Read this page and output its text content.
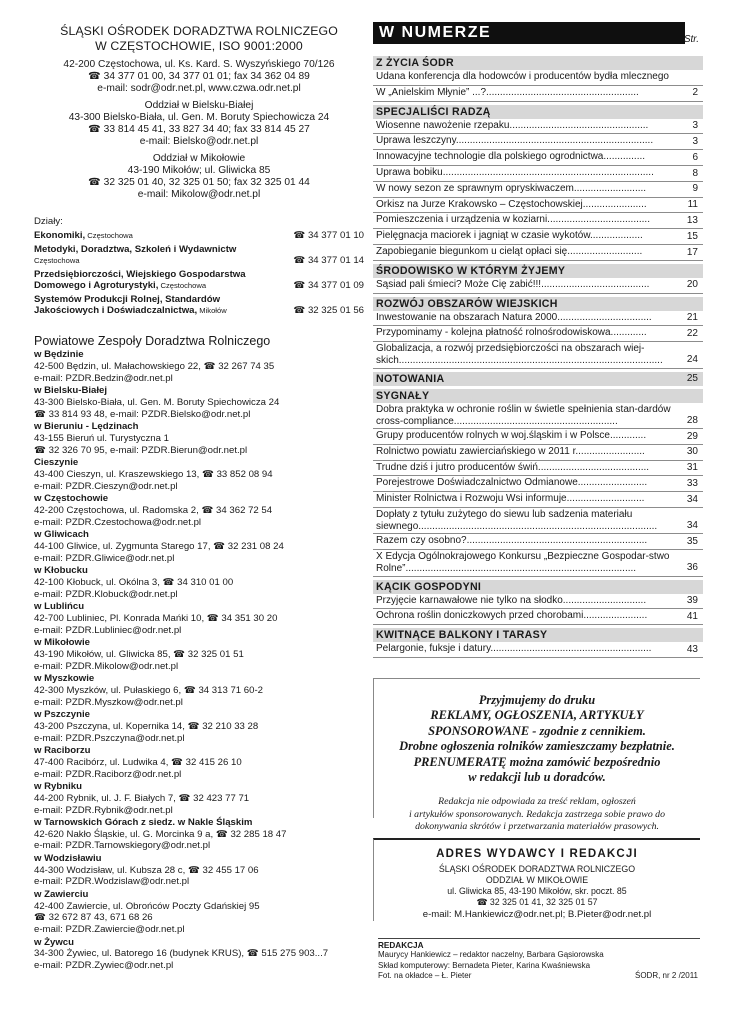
ŚLĄSKI OŚRODEK DORADZTWA ROLNICZEGO
W CZĘSTOCHOWIE, ISO 9001:2000
42-200 Częstochowa, ul. Ks. Kard. S. Wyszyńskiego 70/126
☎ 34 377 01 00, 34 377 01 01; fax 34 362 04 89
e-mail: sodr@odr.net.pl, www.czwa.odr.net.pl
Oddział w Bielsku-Białej
43-300 Bielsko-Biała, ul. Gen. M. Boruty Spiechowicza 24
☎ 33 814 45 41, 33 827 34 40; fax 33 814 45 27
e-mail: Bielsko@odr.net.pl
Oddział w Mikołowie
43-190 Mikołów; ul. Gliwicka 85
☎ 32 325 01 40, 32 325 01 50; fax 32 325 01 44
e-mail: Mikolow@odr.net.pl
Działy:
Ekonomiki, Częstochowa	☎ 34 377 01 10
Metodyki, Doradztwa, Szkoleń i Wydawnictw
Częstochowa	☎ 34 377 01 14
Przedsiębiorczości, Wiejskiego Gospodarstwa
Domowego i Agroturystyki, Częstochowa	☎ 34 377 01 09
Systemów Produkcji Rolnej, Standardów
Jakościowych i Doświadczalnictwa, Mikołów	☎ 32 325 01 56
Powiatowe Zespoły Doradztwa Rolniczego
w Będzinie
42-500 Będzin, ul. Małachowskiego 22, ☎ 32 267 74 35
e-mail: PZDR.Bedzin@odr.net.pl
w Bielsku-Białej
43-300 Bielsko-Biała, ul. Gen. M. Boruty Spiechowicza 24
☎ 33 814 93 48, e-mail: PZDR.Bielsko@odr.net.pl
w Bieruniu - Lędzinach
43-155 Bieruń ul. Turystyczna 1
☎ 32 326 70 95, e-mail: PZDR.Bierun@odr.net.pl
Cieszynie
43-400 Cieszyn, ul. Kraszewskiego 13, ☎ 33 852 08 94
e-mail: PZDR.Cieszyn@odr.net.pl
w Częstochowie
42-200 Częstochowa, ul. Radomska 2, ☎ 34 362 72 54
e-mail: PZDR.Czestochowa@odr.net.pl
w Gliwicach
44-100 Gliwice, ul. Zygmunta Starego 17, ☎ 32 231 08 24
e-mail: PZDR.Gliwice@odr.net.pl
w Kłobucku
42-100 Kłobuck, ul. Okólna 3, ☎ 34 310 01 00
e-mail: PZDR.Klobuck@odr.net.pl
w Lublińcu
42-700 Lubliniec, Pl. Konrada Mańki 10, ☎ 34 351 30 20
e-mail: PZDR.Lubliniec@odr.net.pl
w Mikołowie
43-190 Mikołów, ul. Gliwicka 85, ☎ 32 325 01 51
e-mail: PZDR.Mikolow@odr.net.pl
w Myszkowie
42-300 Myszków, ul. Pułaskiego 6, ☎ 34 313 71 60-2
e-mail: PZDR.Myszkow@odr.net.pl
w Pszczynie
43-200 Pszczyna, ul. Kopernika 14, ☎ 32 210 33 28
e-mail: PZDR.Pszczyna@odr.net.pl
w Raciborzu
47-400 Racibórz, ul. Ludwika 4, ☎ 32 415 26 10
e-mail: PZDR.Raciborz@odr.net.pl
w Rybniku
44-200 Rybnik, ul. J. F. Białych 7, ☎ 32 423 77 71
e-mail: PZDR.Rybnik@odr.net.pl
w Tarnowskich Górach z siedz. w Nakle Śląskim
42-620 Nakło Śląskie, ul. G. Morcinka 9 a, ☎ 32 285 18 47
e-mail: PZDR.Tarnowskiegory@odr.net.pl
w Wodzisławiu
44-300 Wodzisław, ul. Kubsza 28 c, ☎ 32 455 17 06
e-mail: PZDR.Wodzislaw@odr.net.pl
w Zawierciu
42-400 Zawiercie, ul. Obrońców Poczty Gdańskiej 95
☎ 32 672 87 43, 671 68 26
e-mail: PZDR.Zawiercie@odr.net.pl
w Żywcu
34-300 Żywiec, ul. Batorego 16 (budynek KRUS), ☎ 515 275 903...7
e-mail: PZDR.Zywiec@odr.net.pl
W NUMERZE	Str.
Z ŻYCIA ŚODR
Udana konferencja dla hodowców i producentów bydła mlecznego
W „Anielskim Młynie” ...?.......................................................	2
SPECJALIŚCI RADZĄ
Wiosenne nawożenie rzepaku..................................................	3
Uprawa leszczyny.......................................................................	3
Innowacyjne technologie dla polskiego ogrodnictwa...............	6
Uprawa bobiku............................................................................	8
W nowy sezon ze sprawnym opryskiwaczem..........................	9
Orkisz na Jurze Krakowsko – Częstochowskiej.......................	11
Pomieszczenia i urządzenia w koziarni.....................................	13
Pielęgnacja maciorek i jagniąt w czasie wykotów...................	15
Zapobieganie biegunkom u cieląt opłaci się...........................	17
ŚRODOWISKO W KTÓRYM ŻYJEMY
Sąsiad pali śmieci? Może Cię zabić!!!.......................................	20
ROZWÓJ OBSZARÓW WIEJSKICH
Inwestowanie na obszarach Natura 2000..................................	21
Przypominamy - kolejna płatność rolnośrodowiskowa.............	22
Globalizacja, a rozwój przedsiębiorczości na obszarach wiej-skich...............................................................................................	24
NOTOWANIA	25
SYGNAŁY
Dobra praktyka w ochronie roślin w świetle spełnienia stan-dardów cross-compliance...........................................................	28
Grupy producentów rolnych w woj.śląskim i w Polsce.............	29
Rolnictwo powiatu zawierciańskiego w 2011 r.........................	30
Trudne dziś i jutro producentów świń........................................	31
Porejestrowe Doświadczalnictwo Odmianowe.........................	33
Minister Rolnictwa i Rozwoju Wsi informuje............................	34
Dopłaty z tytułu zużytego do siewu lub sadzenia materiału siewnego......................................................................................	34
Razem czy osobno?.................................................................	35
X Edycja Ogólnokrajowego Konkursu „Bezpieczne Gospodar-stwo Rolne”...................................................................................	36
KĄCIK GOSPODYNI
Przyjęcie karnawałowe nie tylko na słodko..............................	39
Ochrona roślin doniczkowych przed chorobami.......................	41
KWITNĄCE BALKONY I TARASY
Pelargonie, fuksje i datury..........................................................	43
Przyjmujemy do druku
REKLAMY, OGŁOSZENIA, ARTYKUŁY
SPONSOROWANE - zgodnie z cennikiem.
Drobne ogłoszenia rolników zamieszczamy bezpłatnie.
PRENUMERATĘ można zamówić bezpośrednio
w redakcji lub u doradców.
Redakcja nie odpowiada za treść reklam, ogłoszeń
i artykułów sponsorowanych. Redakcja zastrzega sobie prawo do
dokonywania skrótów i przetwarzania materiałów prasowych.
ADRES WYDAWCY I REDAKCJI
ŚLĄSKI OŚRODEK DORADZTWA ROLNICZEGO
ODDZIAŁ W MIKOŁOWIE
ul. Gliwicka 85, 43-190 Mikołów, skr. poczt. 85
☎ 32 325 01 41, 32 325 01 57
e-mail: M.Hankiewicz@odr.net.pl; B.Pieter@odr.net.pl
REDAKCJA
Maurycy Hankiewicz – redaktor naczelny, Barbara Gąsiorowska
Skład komputerowy: Bernadeta Pieter, Karina Kwaśniewska
Fot. na okładce – Ł. Pieter	ŚODR, nr 2 /2011
